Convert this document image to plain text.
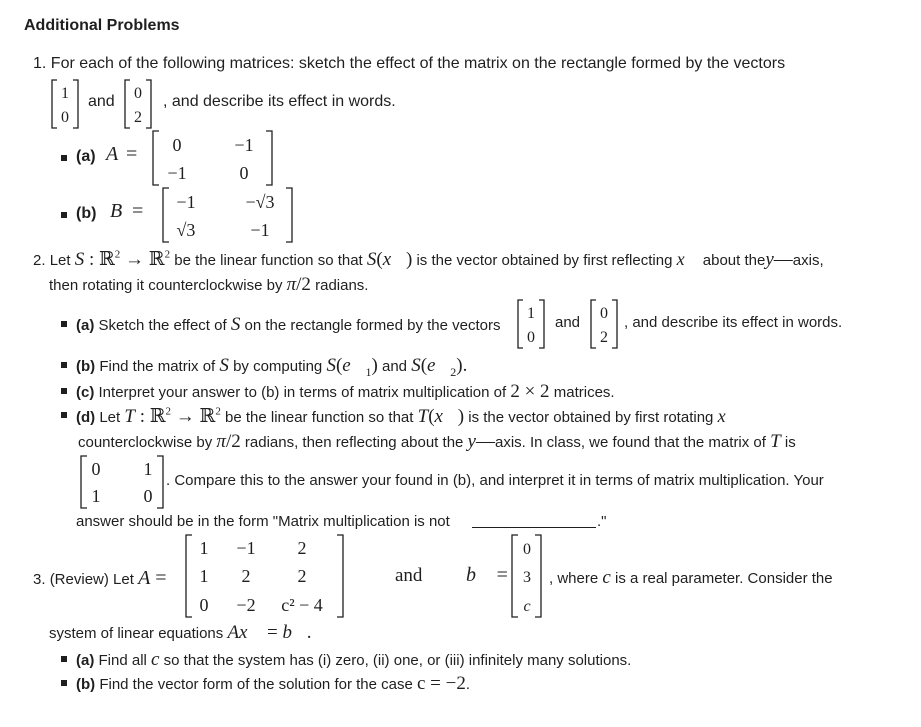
Additional Problems
1. For each of the following matrices: sketch the effect of the matrix on the rectangle formed by the vectors
1
0
and 0
2
, and describe its effect in words.
(a) A = 0	−1
−1	0
(b) B = −1	−√3
√3	−1
2. Let S : ℝ$^2$ → ℝ$^2$ be the linear function so that S(x⃗) is the vector obtained by first reflecting x⃗ about they—axis,
then rotating it counterclockwise by π/2 radians.
(a) Sketch the effect of S on the rectangle formed by the vectors
1
0
and
0
2
, and describe its effect in words.
(b) Find the matrix of S by computing $S(e⃗_1)$ and $S(e⃗_2)$.
(c) Interpret your answer to (b) in terms of matrix multiplication of 2 × 2 matrices.
(d) Let T : ℝ$^2$ → ℝ$^2$ be the linear function so that T(x⃗) is the vector obtained by first rotating x⃗
counterclockwise by π/2 radians, then reflecting about the y—axis. In class, we found that the matrix of T is
0 1
1 0
. Compare this to the answer your found in (b), and interpret it in terms of matrix multiplication. Your
answer should be in the form "Matrix multiplication is not	."
3. (Review) Let A =
1 −1 2
1 2	2
0 −2 c² − 4
and b⃗ =
0
3
c
, where c is a real parameter. Consider the
system of linear equations Ax⃗ = b⃗.
(a) Find all c so that the system has (i) zero, (ii) one, or (iii) infinitely many solutions.
(b) Find the vector form of the solution for the case c = −2.
